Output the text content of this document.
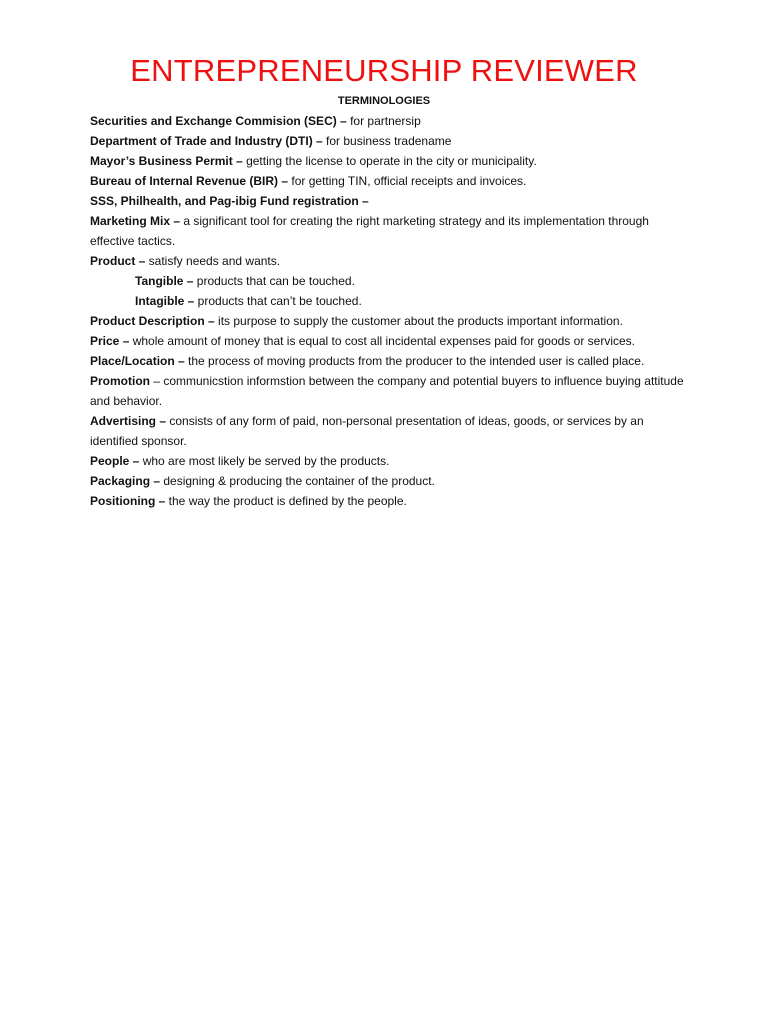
ENTREPRENEURSHIP REVIEWER
TERMINOLOGIES
Securities and Exchange Commision (SEC) – for partnersip
Department of Trade and Industry (DTI) – for business tradename
Mayor’s Business Permit – getting the license to operate in the city or municipality.
Bureau of Internal Revenue (BIR) – for getting TIN, official receipts and invoices.
SSS, Philhealth, and Pag-ibig Fund registration –
Marketing Mix – a significant tool for creating the right marketing strategy and its implementation through effective tactics.
Product – satisfy needs and wants.
Tangible – products that can be touched.
Intagible – products that can’t be touched.
Product Description – its purpose to supply the customer about the products important information.
Price – whole amount of money that is equal to cost all incidental expenses paid for goods or services.
Place/Location – the process of moving products from the producer to the intended user is called place.
Promotion – communicstion informstion between the company and potential buyers to influence buying attitude and behavior.
Advertising – consists of any form of paid, non-personal presentation of ideas, goods, or services by an identified sponsor.
People – who are most likely be served by the products.
Packaging – designing & producing the container of the product.
Positioning – the way the product is defined by the people.
